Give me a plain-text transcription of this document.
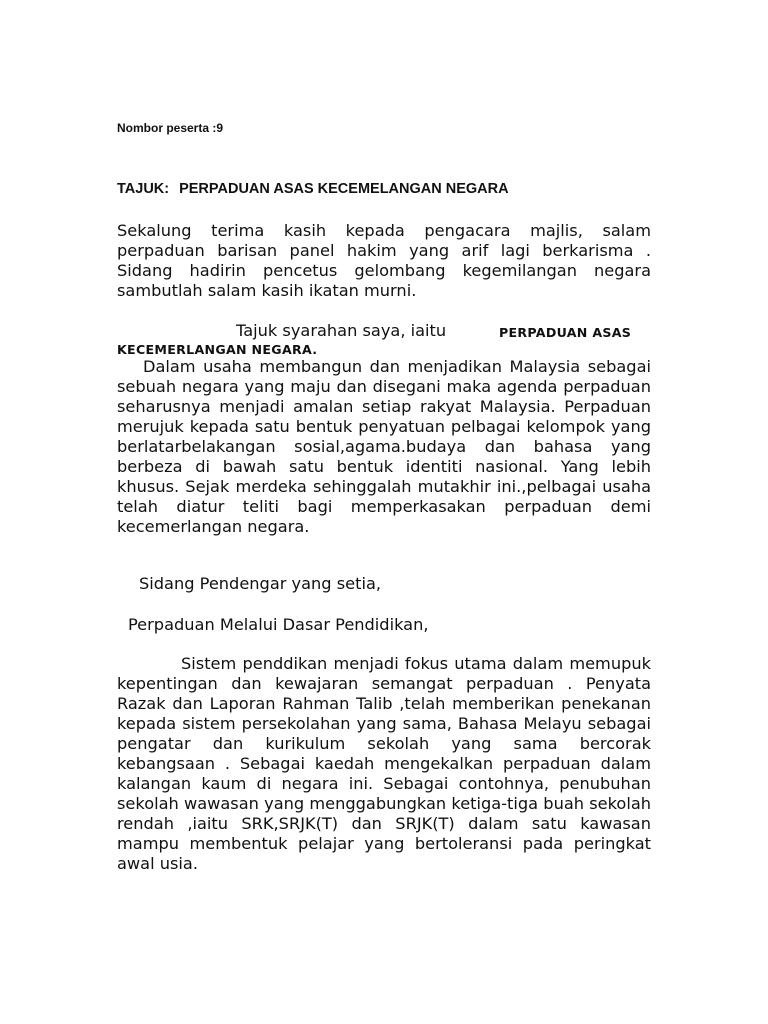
Nombor peserta :9
TAJUK: PERPADUAN ASAS KECEMELANGAN NEGARA

Sekalung terima kasih kepada pengacara majlis, salam perpaduan barisan panel hakim yang arif lagi berkarisma . Sidang hadirin pencetus gelombang kegemilangan negara sambutlah salam kasih ikatan murni.

Tajuk syarahan saya, iaitu	PERPADUAN ASAS
KECEMERLANGAN NEGARA.

Dalam usaha membangun dan menjadikan Malaysia sebagai sebuah negara yang maju dan disegani maka agenda perpaduan seharusnya menjadi amalan setiap rakyat Malaysia. Perpaduan merujuk kepada satu bentuk penyatuan pelbagai kelompok yang berlatarbelakangan sosial,agama.budaya dan bahasa yang berbeza di bawah satu bentuk identiti nasional. Yang lebih khusus. Sejak merdeka sehinggalah mutakhir ini.,pelbagai usaha telah diatur teliti bagi memperkasakan perpaduan demi kecemerlangan negara.

Sidang Pendengar yang setia,
Perpaduan Melalui Dasar Pendidikan,

Sistem penddikan menjadi fokus utama dalam memupuk kepentingan dan kewajaran semangat perpaduan . Penyata Razak dan Laporan Rahman Talib ,telah memberikan penekanan kepada sistem persekolahan yang sama, Bahasa Melayu sebagai pengatar dan kurikulum sekolah yang sama bercorak kebangsaan . Sebagai kaedah mengekalkan perpaduan dalam kalangan kaum di negara ini. Sebagai contohnya, penubuhan sekolah wawasan yang menggabungkan ketiga-tiga buah sekolah rendah ,iaitu SRK,SRJK(T) dan SRJK(T) dalam satu kawasan mampu membentuk pelajar yang bertoleransi pada peringkat awal usia.
